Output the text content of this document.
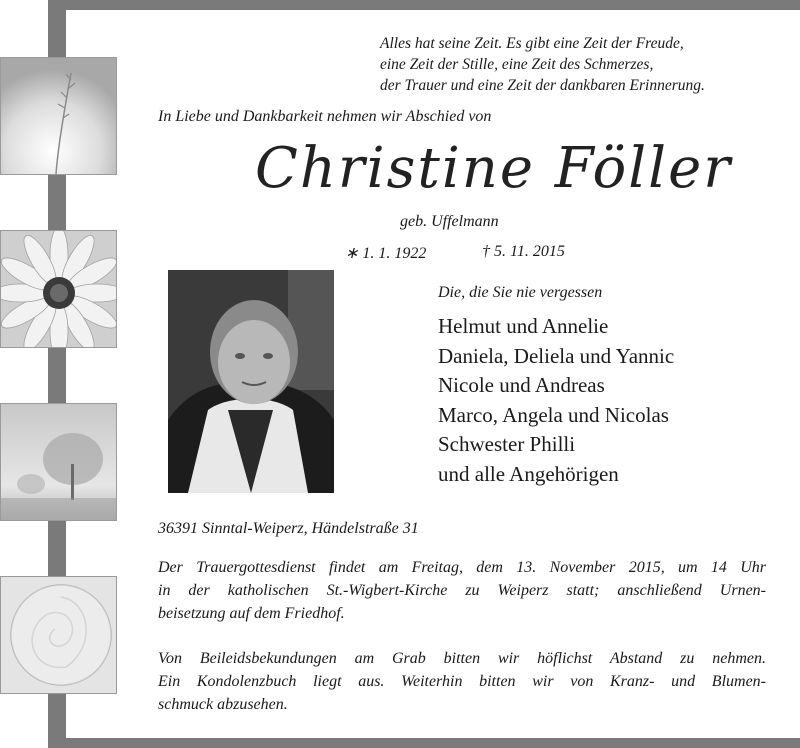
Alles hat seine Zeit. Es gibt eine Zeit der Freude,
eine Zeit der Stille, eine Zeit des Schmerzes,
der Trauer und eine Zeit der dankbaren Erinnerung.
In Liebe und Dankbarkeit nehmen wir Abschied von
Christine Föller
geb. Uffelmann
∗ 1. 1. 1922	† 5. 11. 2015
Die, die Sie nie vergessen
Helmut und Annelie
Daniela, Deliela und Yannic
Nicole und Andreas
Marco, Angela und Nicolas
Schwester Philli
und alle Angehörigen
36391 Sinntal-Weiperz, Händelstraße 31
Der Trauergottesdienst findet am Freitag, dem 13. November 2015, um 14 Uhr
in der katholischen St.-Wigbert-Kirche zu Weiperz statt; anschließend Urnen-
beisetzung auf dem Friedhof.
Von Beileidsbekundungen am Grab bitten wir höflichst Abstand zu nehmen.
Ein Kondolenzbuch liegt aus. Weiterhin bitten wir von Kranz- und Blumen-
schmuck abzusehen.
